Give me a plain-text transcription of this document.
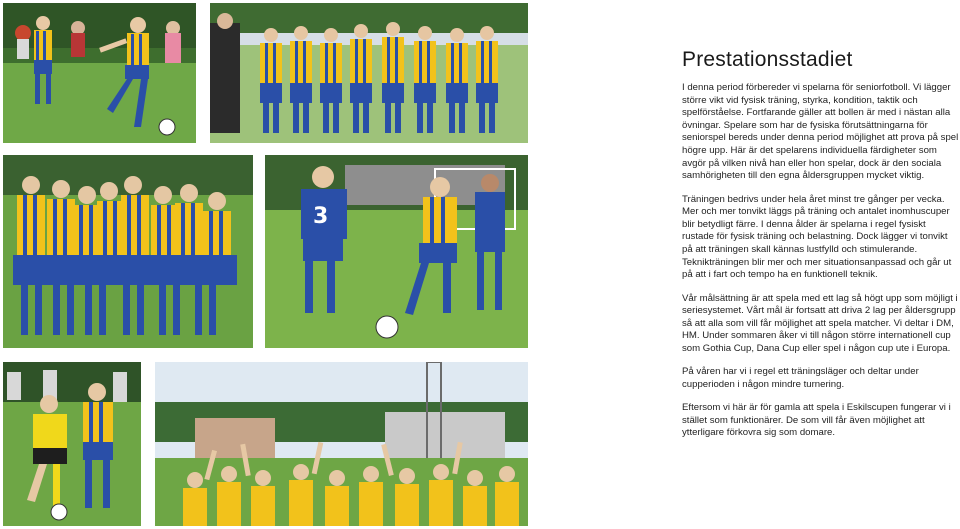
3
Prestationsstadiet

I denna period förbereder vi spelarna för seniorfotboll. Vi lägger större vikt vid fysisk träning, styrka, kondition, taktik och spelförståelse. Fortfarande gäller att bollen är med i nästan alla övningar. Spelare som har de fysiska förutsättningarna för seniorspel bereds under denna period möjlighet att prova på spel högre upp. Här är det spelarens individuella färdigheter som avgör på vilken nivå han eller hon spelar, dock är den sociala samhörigheten till den egna åldersgruppen mycket viktig.

Träningen bedrivs under hela året minst tre gånger per vecka. Mer och mer tonvikt läggs på träning och antalet inomhuscuper blir betydligt färre. I denna ålder är spelarna i regel fysiskt rustade för fysisk träning och belastning. Dock lägger vi tonvikt på att träningen skall kännas lustfylld och stimulerande. Teknikträningen blir mer och mer situationsanpassad och går ut på att i fart och tempo ha en funktionell teknik.

Vår målsättning är att spela med ett lag så högt upp som möjligt i seriesystemet. Vårt mål är fortsatt att driva 2 lag per åldersgrupp så att alla som vill får möjlighet att spela matcher. Vi deltar i DM, HM. Under sommaren åker vi till någon större internationell cup som Gothia Cup, Dana Cup eller spel i någon cup ute i Europa.

På våren har vi i regel ett träningsläger och deltar under cupperioden i någon mindre turnering.

Eftersom vi här är för gamla att spela i Eskilscupen fungerar vi i stället som funktionärer. De som vill får även möjlighet att ytterligare förkovra sig som domare.
